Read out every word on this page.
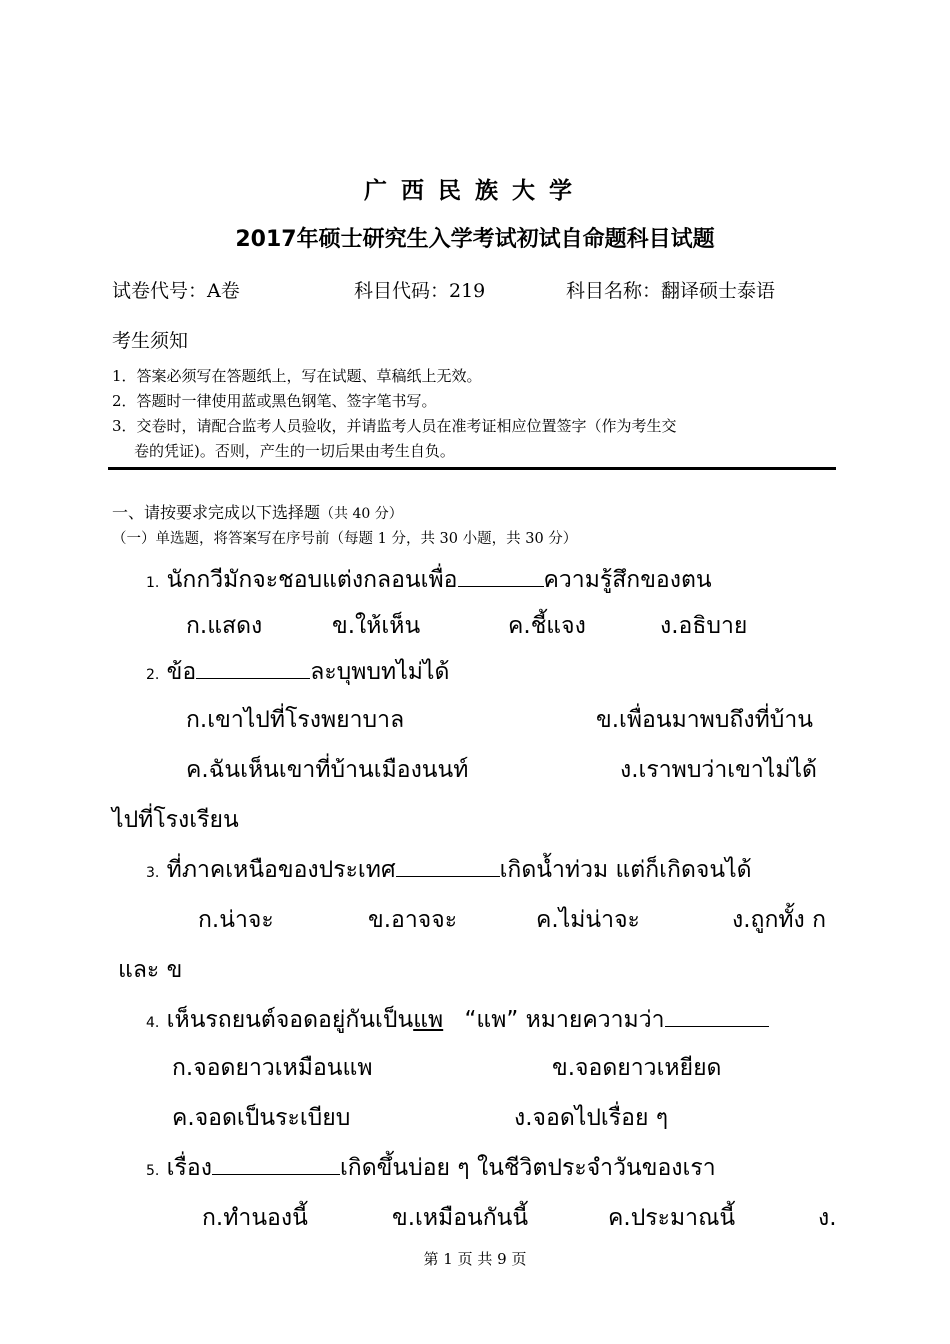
广西民族大学
2017年硕士研究生入学考试初试自命题科目试题
试卷代号：A卷	科目代码：219	科目名称：翻译硕士泰语
考生须知
1．答案必须写在答题纸上，写在试题、草稿纸上无效。
2．答题时一律使用蓝或黑色钢笔、签字笔书写。
3．交卷时，请配合监考人员验收，并请监考人员在准考证相应位置签字（作为考生交
卷的凭证)。否则，产生的一切后果由考生自负。
一、请按要求完成以下选择题（共 40 分）
（一）单选题，将答案写在序号前（每题 1 分，共 30 小题，共 30 分）
1. นักกวีมักจะชอบแต่งกลอนเพื่อ	ความรู้สึกของตน
ก.แสดง	ข.ให้เห็น	ค.ชี้แจง	ง.อธิบาย
2. ข้อ	ละบุพบทไม่ได้
ก.เขาไปที่โรงพยาบาล	ข.เพื่อนมาพบถึงที่บ้าน
ค.ฉันเห็นเขาที่บ้านเมืองนนท์	ง.เราพบว่าเขาไม่ได้
ไปที่โรงเรียน
3. ที่ภาคเหนือของประเทศ	เกิดน้ำท่วม แต่ก็เกิดจนได้
ก.น่าจะ	ข.อาจจะ	ค.ไม่น่าจะ	ง.ถูกทั้ง ก
และ ข
4. เห็นรถยนต์จอดอยู่กันเป็นแพ “แพ” หมายความว่า
ก.จอดยาวเหมือนแพ	ข.จอดยาวเหยียด
ค.จอดเป็นระเบียบ	ง.จอดไปเรื่อย ๆ
5. เรื่อง	เกิดขึ้นบ่อย ๆ ในชีวิตประจำวันของเรา
ก.ทำนองนี้	ข.เหมือนกันนี้	ค.ประมาณนี้	ง.
第 1 页 共 9 页
